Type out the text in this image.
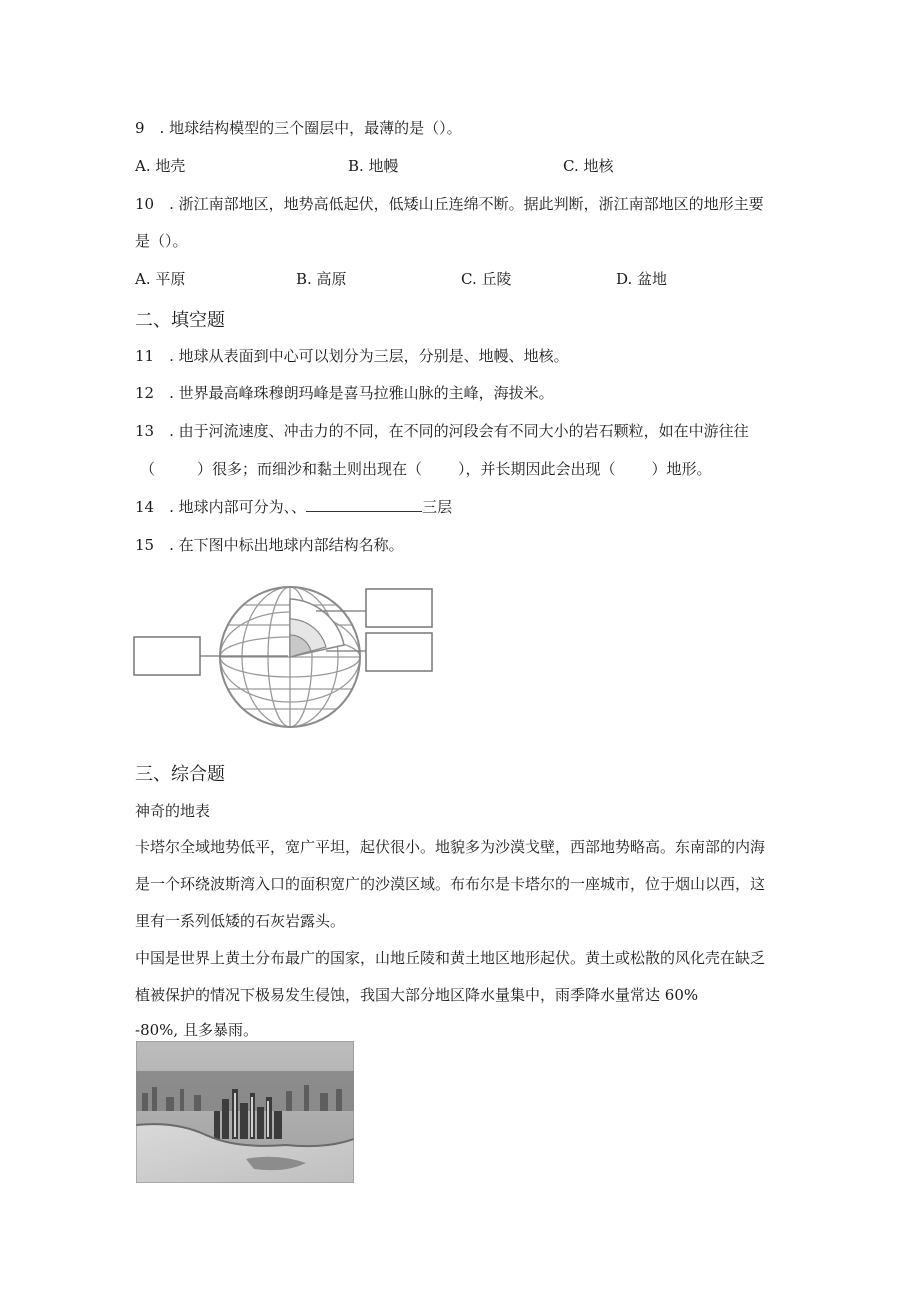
9　. 地球结构模型的三个圈层中，最薄的是（）。
A. 地壳	B. 地幔	C. 地核
10　. 浙江南部地区，地势高低起伏，低矮山丘连绵不断。据此判断，浙江南部地区的地形主要
是（）。
A. 平原	B. 高原	C. 丘陵	D. 盆地
二、填空题
11　. 地球从表面到中心可以划分为三层，分别是、地幔、地核。
12　. 世界最高峰珠穆朗玛峰是喜马拉雅山脉的主峰，海拔米。
13　. 由于河流速度、冲击力的不同，在不同的河段会有不同大小的岩石颗粒，如在中游往往
（	）很多；而细沙和黏土则出现在（ ），并长期因此会出现（ ）地形。
14　. 地球内部可分为、、	三层
15　. 在下图中标出地球内部结构名称。
三、综合题
神奇的地表
卡塔尔全域地势低平，宽广平坦，起伏很小。地貌多为沙漠戈壁，西部地势略高。东南部的内海
是一个环绕波斯湾入口的面积宽广的沙漠区域。布布尔是卡塔尔的一座城市，位于烟山以西，这
里有一系列低矮的石灰岩露头。
中国是世界上黄土分布最广的国家，山地丘陵和黄土地区地形起伏。黄土或松散的风化壳在缺乏
植被保护的情况下极易发生侵蚀，我国大部分地区降水量集中，雨季降水量常达 60%
-80%, 且多暴雨。
